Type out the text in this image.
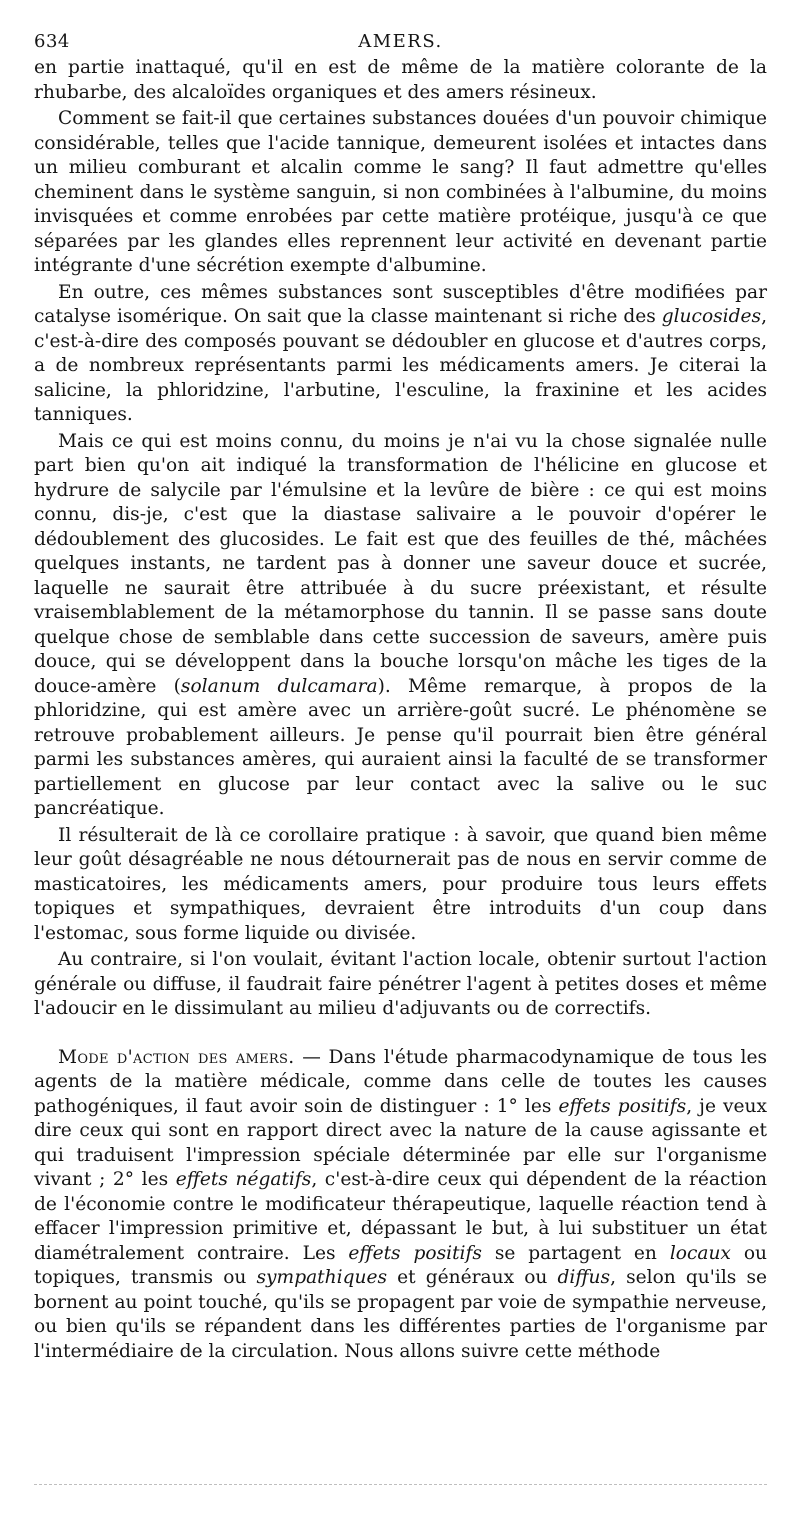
634	AMERS.

en partie inattaqué, qu'il en est de même de la matière colorante de la rhubarbe, des alcaloïdes organiques et des amers résineux.

Comment se fait-il que certaines substances douées d'un pouvoir chimique considérable, telles que l'acide tannique, demeurent isolées et intactes dans un milieu comburant et alcalin comme le sang? Il faut admettre qu'elles cheminent dans le système sanguin, si non combinées à l'albumine, du moins invisquées et comme enrobées par cette matière protéique, jusqu'à ce que séparées par les glandes elles reprennent leur activité en devenant partie intégrante d'une sécrétion exempte d'albumine.

En outre, ces mêmes substances sont susceptibles d'être modifiées par catalyse isomérique. On sait que la classe maintenant si riche des glucosides, c'est-à-dire des composés pouvant se dédoubler en glucose et d'autres corps, a de nombreux représentants parmi les médicaments amers. Je citerai la salicine, la phloridzine, l'arbutine, l'esculine, la fraxinine et les acides tanniques.

Mais ce qui est moins connu, du moins je n'ai vu la chose signalée nulle part bien qu'on ait indiqué la transformation de l'hélicine en glucose et hydrure de salycile par l'émulsine et la levûre de bière : ce qui est moins connu, dis-je, c'est que la diastase salivaire a le pouvoir d'opérer le dédoublement des glucosides. Le fait est que des feuilles de thé, mâchées quelques instants, ne tardent pas à donner une saveur douce et sucrée, laquelle ne saurait être attribuée à du sucre préexistant, et résulte vraisemblablement de la métamorphose du tannin. Il se passe sans doute quelque chose de semblable dans cette succession de saveurs, amère puis douce, qui se développent dans la bouche lorsqu'on mâche les tiges de la douce-amère (solanum dulcamara). Même remarque, à propos de la phloridzine, qui est amère avec un arrière-goût sucré. Le phénomène se retrouve probablement ailleurs. Je pense qu'il pourrait bien être général parmi les substances amères, qui auraient ainsi la faculté de se transformer partiellement en glucose par leur contact avec la salive ou le suc pancréatique.

Il résulterait de là ce corollaire pratique : à savoir, que quand bien même leur goût désagréable ne nous détournerait pas de nous en servir comme de masticatoires, les médicaments amers, pour produire tous leurs effets topiques et sympathiques, devraient être introduits d'un coup dans l'estomac, sous forme liquide ou divisée.

Au contraire, si l'on voulait, évitant l'action locale, obtenir surtout l'action générale ou diffuse, il faudrait faire pénétrer l'agent à petites doses et même l'adoucir en le dissimulant au milieu d'adjuvants ou de correctifs.

Mode d'action des amers. — Dans l'étude pharmacodynamique de tous les agents de la matière médicale, comme dans celle de toutes les causes pathogéniques, il faut avoir soin de distinguer : 1° les effets positifs, je veux dire ceux qui sont en rapport direct avec la nature de la cause agissante et qui traduisent l'impression spéciale déterminée par elle sur l'organisme vivant ; 2° les effets négatifs, c'est-à-dire ceux qui dépendent de la réaction de l'économie contre le modificateur thérapeutique, laquelle réaction tend à effacer l'impression primitive et, dépassant le but, à lui substituer un état diamétralement contraire. Les effets positifs se partagent en locaux ou topiques, transmis ou sympathiques et généraux ou diffus, selon qu'ils se bornent au point touché, qu'ils se propagent par voie de sympathie nerveuse, ou bien qu'ils se répandent dans les différentes parties de l'organisme par l'intermédiaire de la circulation. Nous allons suivre cette méthode
